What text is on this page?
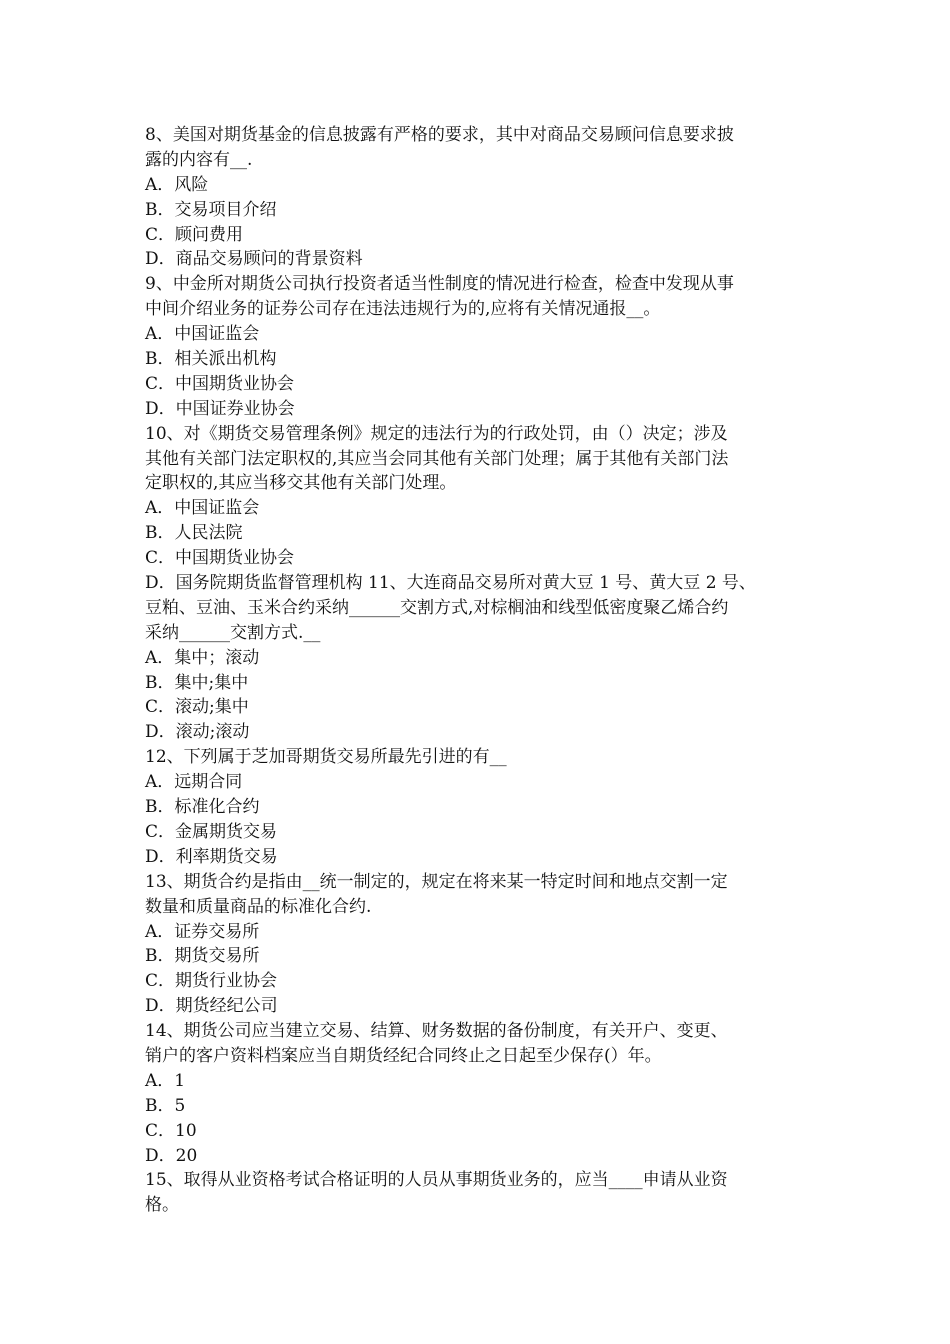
8、美国对期货基金的信息披露有严格的要求，其中对商品交易顾问信息要求披
露的内容有__.
A．风险
B．交易项目介绍
C．顾问费用
D．商品交易顾问的背景资料
9、中金所对期货公司执行投资者适当性制度的情况进行检查，检查中发现从事
中间介绍业务的证券公司存在违法违规行为的,应将有关情况通报__。
A．中国证监会
B．相关派出机构
C．中国期货业协会
D．中国证券业协会
10、对《期货交易管理条例》规定的违法行为的行政处罚，由（）决定；涉及
其他有关部门法定职权的,其应当会同其他有关部门处理；属于其他有关部门法
定职权的,其应当移交其他有关部门处理。
A．中国证监会
B．人民法院
C．中国期货业协会
D．国务院期货监督管理机构 11、大连商品交易所对黄大豆 1 号、黄大豆 2 号、
豆粕、豆油、玉米合约采纳______交割方式,对棕榈油和线型低密度聚乙烯合约
采纳______交割方式.__
A．集中；滚动
B．集中;集中
C．滚动;集中
D．滚动;滚动
12、下列属于芝加哥期货交易所最先引进的有__
A．远期合同
B．标准化合约
C．金属期货交易
D．利率期货交易
13、期货合约是指由__统一制定的，规定在将来某一特定时间和地点交割一定
数量和质量商品的标准化合约.
A．证券交易所
B．期货交易所
C．期货行业协会
D．期货经纪公司
14、期货公司应当建立交易、结算、财务数据的备份制度，有关开户、变更、
销户的客户资料档案应当自期货经纪合同终止之日起至少保存(）年。
A．1
B．5
C．10
D．20
15、取得从业资格考试合格证明的人员从事期货业务的，应当____申请从业资
格。
